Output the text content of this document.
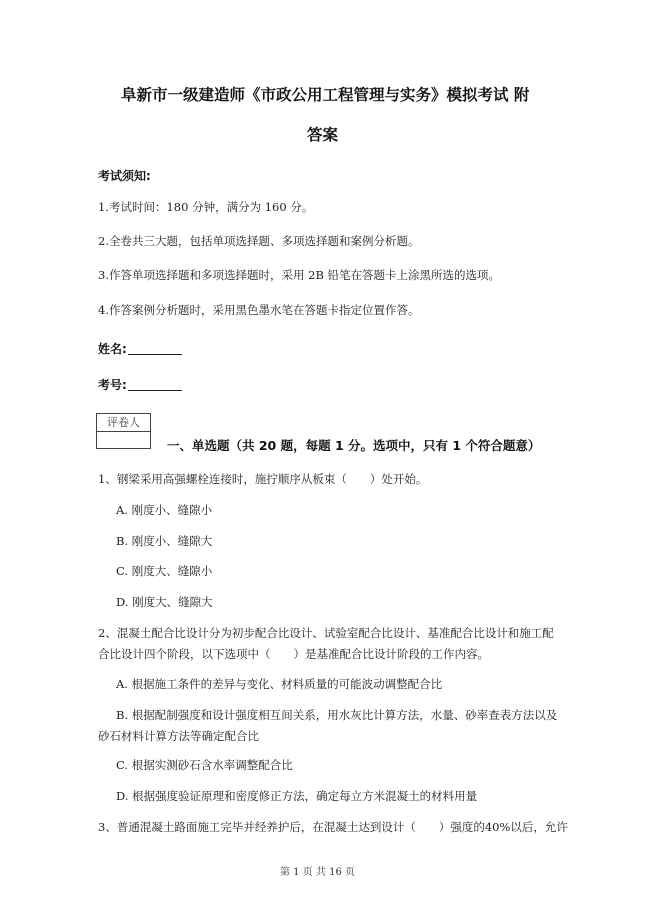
阜新市一级建造师《市政公用工程管理与实务》模拟考试 附
答案
考试须知:
1.考试时间：180 分钟，满分为 160 分。
2.全卷共三大题，包括单项选择题、多项选择题和案例分析题。
3.作答单项选择题和多项选择题时，采用 2B 铅笔在答题卡上涂黑所选的选项。
4.作答案例分析题时，采用黑色墨水笔在答题卡指定位置作答。
姓名:
考号:
评卷人
一、单选题（共 20 题，每题 1 分。选项中，只有 1 个符合题意）
1、钢梁采用高强螺栓连接时，施拧顺序从板束（　　）处开始。
A. 刚度小、缝隙小
B. 刚度小、缝隙大
C. 刚度大、缝隙小
D. 刚度大、缝隙大
2、混凝土配合比设计分为初步配合比设计、试验室配合比设计、基准配合比设计和施工配
合比设计四个阶段，以下选项中（　　）是基准配合比设计阶段的工作内容。
A. 根据施工条件的差异与变化、材料质量的可能波动调整配合比
B. 根据配制强度和设计强度相互间关系，用水灰比计算方法，水量、砂率查表方法以及
砂石材料计算方法等确定配合比
C. 根据实测砂石含水率调整配合比
D. 根据强度验证原理和密度修正方法，确定每立方米混凝土的材料用量
3、普通混凝土路面施工完毕并经养护后，在混凝土达到设计（　　）强度的40%以后，允许
第 1 页 共 16 页
